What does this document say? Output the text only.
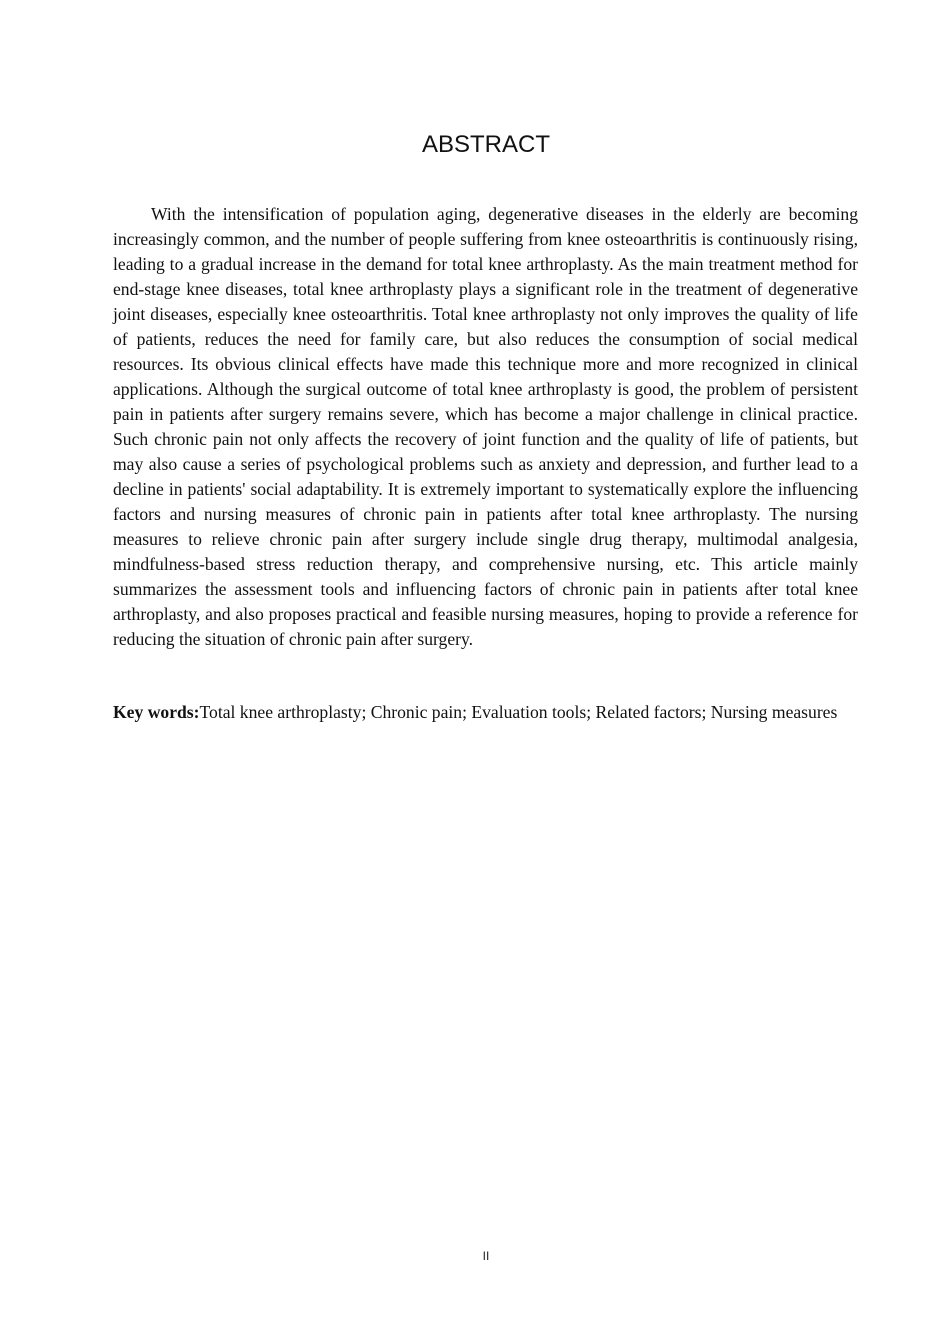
ABSTRACT

With the intensification of population aging, degenerative diseases in the elderly are becoming increasingly common, and the number of people suffering from knee osteoarthritis is continuously rising, leading to a gradual increase in the demand for total knee arthroplasty. As the main treatment method for end-stage knee diseases, total knee arthroplasty plays a significant role in the treatment of degenerative joint diseases, especially knee osteoarthritis. Total knee arthroplasty not only improves the quality of life of patients, reduces the need for family care, but also reduces the consumption of social medical resources. Its obvious clinical effects have made this technique more and more recognized in clinical applications. Although the surgical outcome of total knee arthroplasty is good, the problem of persistent pain in patients after surgery remains severe, which has become a major challenge in clinical practice. Such chronic pain not only affects the recovery of joint function and the quality of life of patients, but may also cause a series of psychological problems such as anxiety and depression, and further lead to a decline in patients' social adaptability. It is extremely important to systematically explore the influencing factors and nursing measures of chronic pain in patients after total knee arthroplasty. The nursing measures to relieve chronic pain after surgery include single drug therapy, multimodal analgesia, mindfulness-based stress reduction therapy, and comprehensive nursing, etc. This article mainly summarizes the assessment tools and influencing factors of chronic pain in patients after total knee arthroplasty, and also proposes practical and feasible nursing measures, hoping to provide a reference for reducing the situation of chronic pain after surgery.

Key words:Total knee arthroplasty; Chronic pain; Evaluation tools; Related factors; Nursing measures

II
